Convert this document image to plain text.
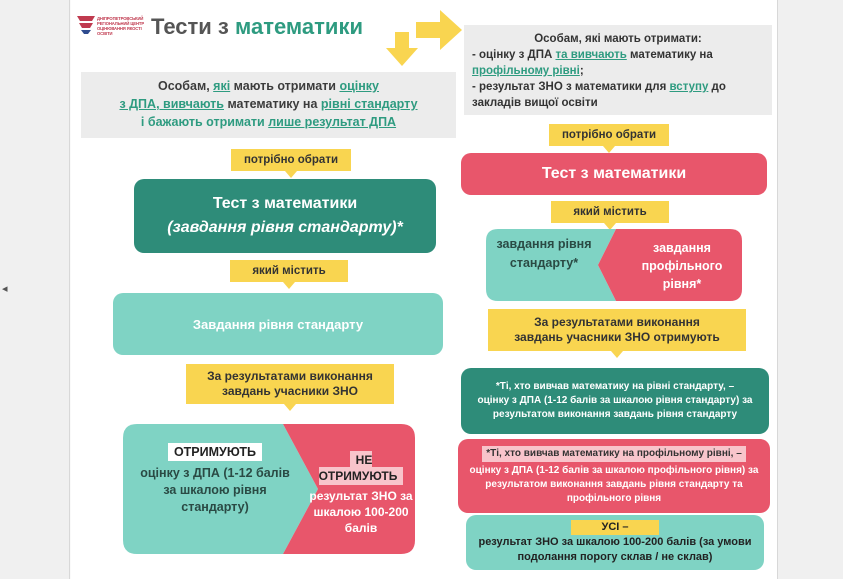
◂
ДНІПРОПЕТРОВСЬКИЙ РЕГІОНАЛЬНИЙ ЦЕНТР ОЦІНЮВАННЯ ЯКОСТІ ОСВІТИ	Тести з математики
Особам, які мають отримати оцінку
з ДПА, вивчають математику на рівні стандарту
і бажають отримати лише результат ДПА
потрібно обрати
Тест з математики
(завдання рівня стандарту)*
який містить
Завдання рівня стандарту
За результатами виконання
завдань учасники ЗНО
ОТРИМУЮТЬ
оцінку з ДПА (1-12 балів за шкалою рівня стандарту)
НЕ ОТРИМУЮТЬ
результат ЗНО за шкалою 100-200 балів
Особам, які мають отримати:
- оцінку з ДПА та вивчають математику на профільному рівні;
- результат ЗНО з математики для вступу до закладів вищої освіти
потрібно обрати
Тест з математики
який містить
завдання рівня стандарту*
завдання профільного рівня*
За результатами виконання
завдань учасники ЗНО отримують
*Ті, хто вивчав математику на рівні стандарту, –
оцінку з ДПА (1-12 балів за шкалою рівня стандарту) за результатом виконання завдань рівня стандарту
*Ті, хто вивчав математику на профільному рівні, –
оцінку з ДПА (1-12 балів за шкалою профільного рівня) за результатом виконання завдань рівня стандарту та профільного рівня
УСІ –
результат ЗНО за шкалою 100-200 балів (за умови подолання порогу склав / не склав)
